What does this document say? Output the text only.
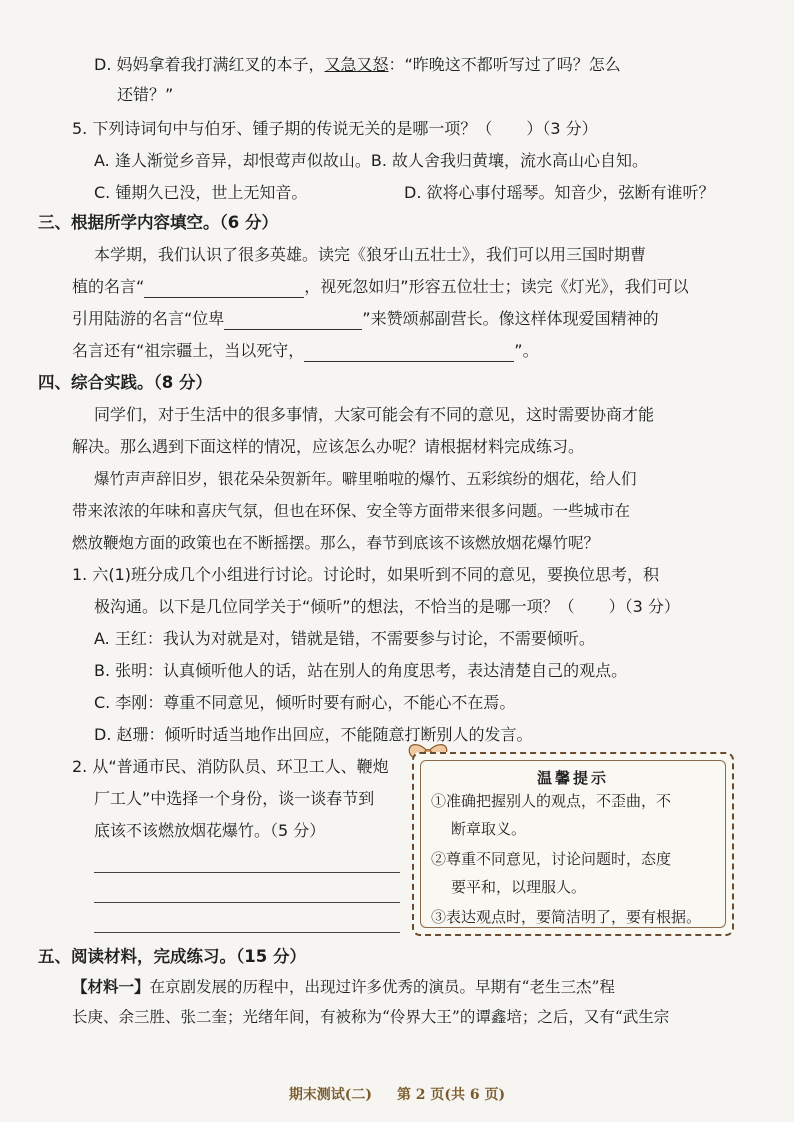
D. 妈妈拿着我打满红叉的本子，又急又怒：“昨晚这不都听写过了吗？怎么
还错？”
5. 下列诗词句中与伯牙、锺子期的传说无关的是哪一项？（ ）（3 分）
A. 逢人渐觉乡音异，却恨莺声似故山。B. 故人舍我归黄壤，流水高山心自知。
C. 锺期久已没，世上无知音。	D. 欲将心事付瑶琴。知音少，弦断有谁听？
三、根据所学内容填空。（6 分）
本学期，我们认识了很多英雄。读完《狼牙山五壮士》，我们可以用三国时期曹
植的名言“	，视死忽如归”形容五位壮士；读完《灯光》，我们可以
引用陆游的名言“位卑	”来赞颂郝副营长。像这样体现爱国精神的
名言还有“祖宗疆土，当以死守，	”。
四、综合实践。（8 分）
同学们，对于生活中的很多事情，大家可能会有不同的意见，这时需要协商才能
解决。那么遇到下面这样的情况，应该怎么办呢？请根据材料完成练习。
爆竹声声辞旧岁，银花朵朵贺新年。噼里啪啦的爆竹、五彩缤纷的烟花，给人们
带来浓浓的年味和喜庆气氛，但也在环保、安全等方面带来很多问题。一些城市在
燃放鞭炮方面的政策也在不断摇摆。那么，春节到底该不该燃放烟花爆竹呢？
1. 六(1)班分成几个小组进行讨论。讨论时，如果听到不同的意见，要换位思考，积
极沟通。以下是几位同学关于“倾听”的想法，不恰当的是哪一项？（ ）（3 分）
A. 王红：我认为对就是对，错就是错，不需要参与讨论，不需要倾听。
B. 张明：认真倾听他人的话，站在别人的角度思考，表达清楚自己的观点。
C. 李刚：尊重不同意见，倾听时要有耐心，不能心不在焉。
D. 赵珊：倾听时适当地作出回应，不能随意打断别人的发言。
2. 从“普通市民、消防队员、环卫工人、鞭炮
厂工人”中选择一个身份，谈一谈春节到
底该不该燃放烟花爆竹。（5 分）
温馨提示
①准确把握别人的观点，不歪曲，不
断章取义。
②尊重不同意见，讨论问题时，态度
要平和，以理服人。
③表达观点时，要简洁明了，要有根据。
五、阅读材料，完成练习。（15 分）
【材料一】在京剧发展的历程中，出现过许多优秀的演员。早期有“老生三杰”程
长庚、余三胜、张二奎；光绪年间，有被称为“伶界大王”的谭鑫培；之后，又有“武生宗
期末测试(二) 第 2 页(共 6 页)
